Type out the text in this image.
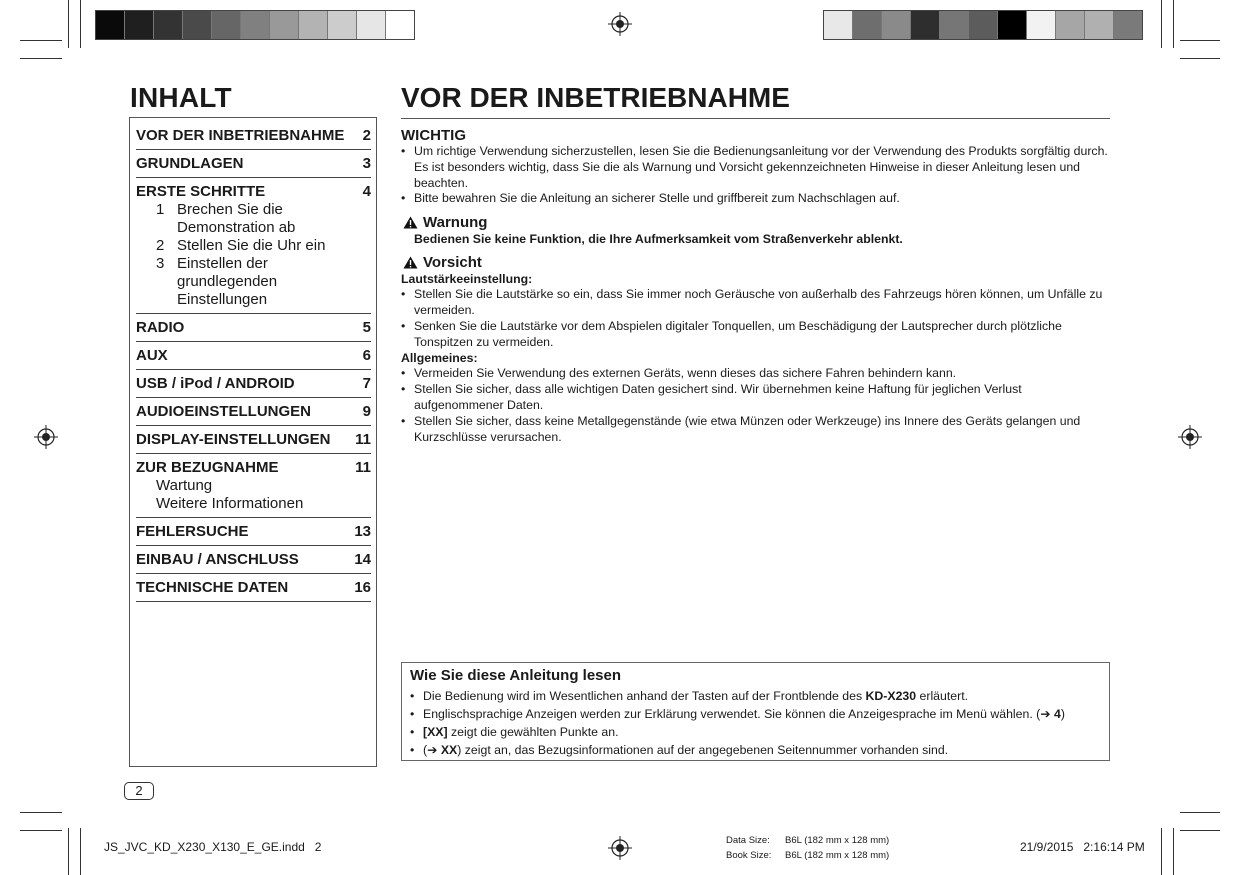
INHALT
VOR DER INBETRIEBNAHME 2
GRUNDLAGEN	3
ERSTE SCHRITTE	4
1 Brechen Sie die Demonstration ab
2 Stellen Sie die Uhr ein
3 Einstellen der grundlegenden Einstellungen
RADIO	5
AUX	6
USB / iPod / ANDROID	7
AUDIOEINSTELLUNGEN	9
DISPLAY-EINSTELLUNGEN 11
ZUR BEZUGNAHME	11
Wartung
Weitere Informationen
FEHLERSUCHE	13
EINBAU / ANSCHLUSS	14
TECHNISCHE DATEN	16
VOR DER INBETRIEBNAHME
WICHTIG
• Um richtige Verwendung sicherzustellen, lesen Sie die Bedienungsanleitung vor der Verwendung des Produkts sorgfältig durch. Es ist besonders wichtig, dass Sie die als Warnung und Vorsicht gekennzeichneten Hinweise in dieser Anleitung lesen und beachten.
• Bitte bewahren Sie die Anleitung an sicherer Stelle und griffbereit zum Nachschlagen auf.
Warnung
Bedienen Sie keine Funktion, die Ihre Aufmerksamkeit vom Straßenverkehr ablenkt.
Vorsicht
Lautstärkeeinstellung:
• Stellen Sie die Lautstärke so ein, dass Sie immer noch Geräusche von außerhalb des Fahrzeugs hören können, um Unfälle zu vermeiden.
• Senken Sie die Lautstärke vor dem Abspielen digitaler Tonquellen, um Beschädigung der Lautsprecher durch plötzliche Tonspitzen zu vermeiden.
Allgemeines:
• Vermeiden Sie Verwendung des externen Geräts, wenn dieses das sichere Fahren behindern kann.
• Stellen Sie sicher, dass alle wichtigen Daten gesichert sind. Wir übernehmen keine Haftung für jeglichen Verlust aufgenommener Daten.
• Stellen Sie sicher, dass keine Metallgegenstände (wie etwa Münzen oder Werkzeuge) ins Innere des Geräts gelangen und Kurzschlüsse verursachen.
Wie Sie diese Anleitung lesen
• Die Bedienung wird im Wesentlichen anhand der Tasten auf der Frontblende des KD-X230 erläutert.
• Englischsprachige Anzeigen werden zur Erklärung verwendet. Sie können die Anzeigesprache im Menü wählen. (➔ 4)
• [XX] zeigt die gewählten Punkte an.
• (➔ XX) zeigt an, das Bezugsinformationen auf der angegebenen Seitennummer vorhanden sind.
2
JS_JVC_KD_X230_X130_E_GE.indd   2	Data Size: B6L (182 mm x 128 mm)
Book Size: B6L (182 mm x 128 mm)
21/9/2015   2:16:14 PM
